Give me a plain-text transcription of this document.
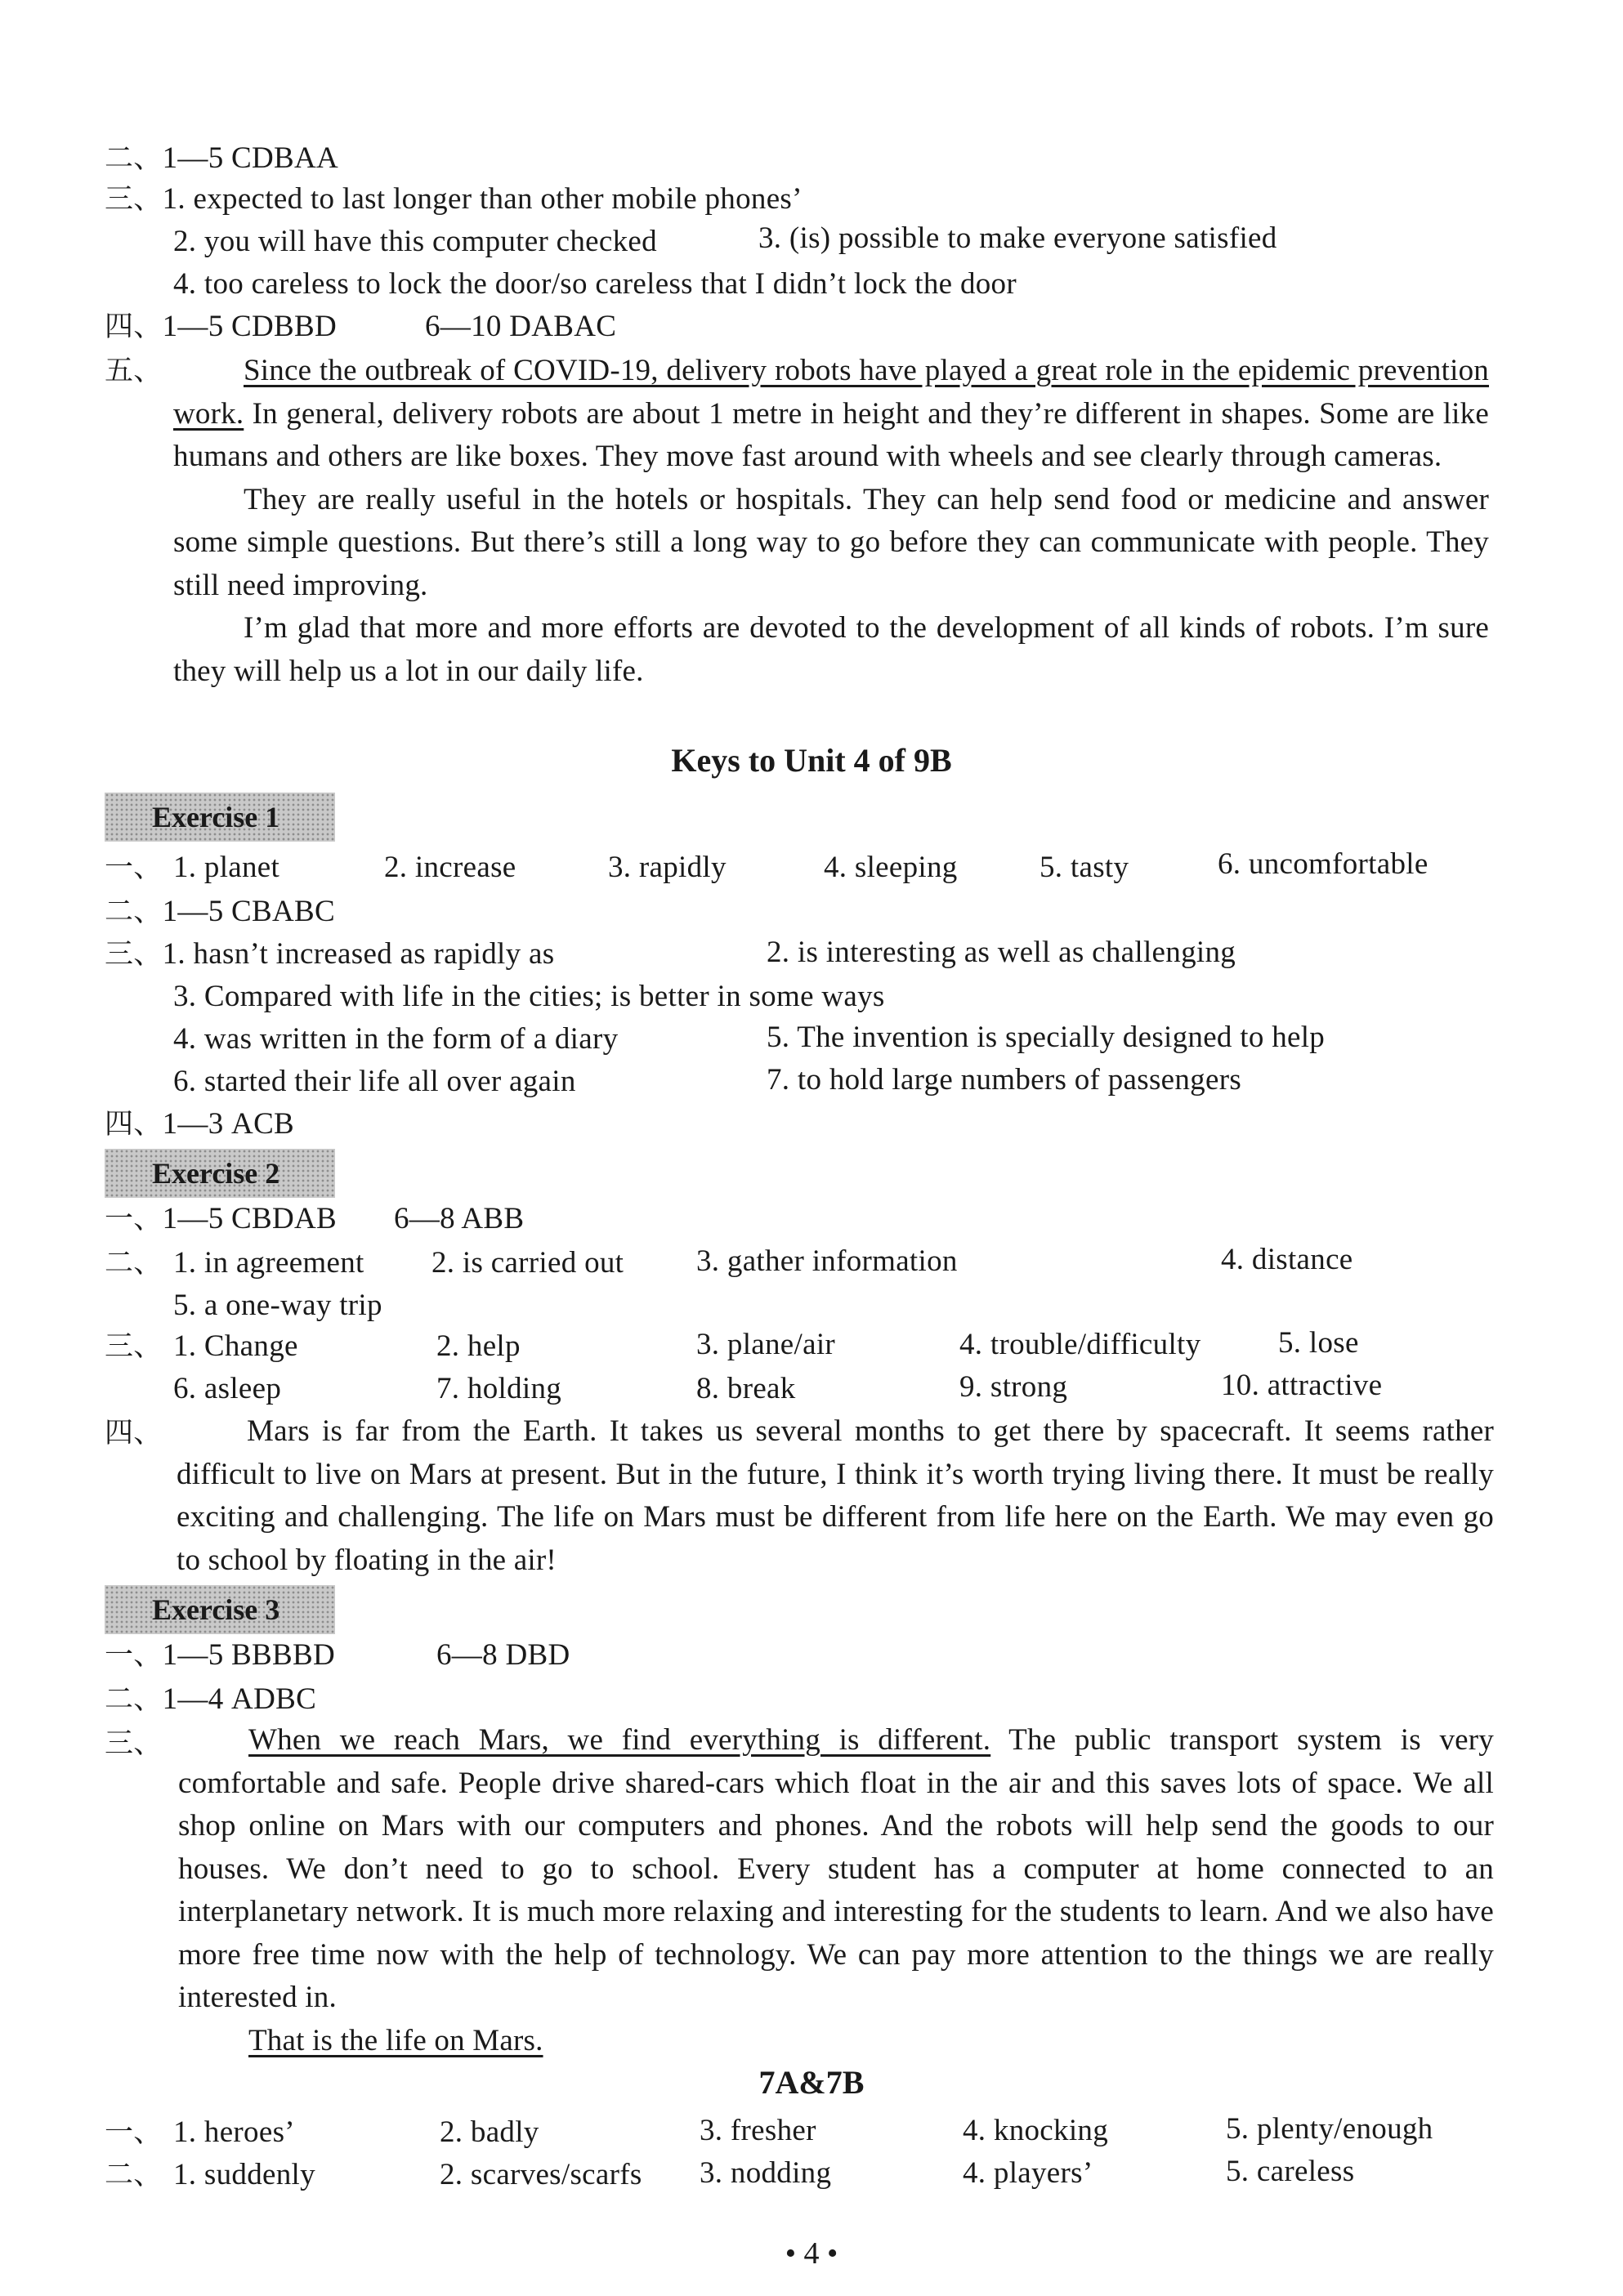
二、1—5 CDBAA
三、1. expected to last longer than other mobile phones’
2. you will have this computer checked	3. (is) possible to make everyone satisfied
4. too careless to lock the door/so careless that I didn’t lock the door
四、1—5 CDBBD	6—10 DABAC
五、	Since the outbreak of COVID-19, delivery robots have played a great role in the epidemic prevention work. In general, delivery robots are about 1 metre in height and they’re different in shapes. Some are like humans and others are like boxes. They move fast around with wheels and see clearly through cameras.

They are really useful in the hotels or hospitals. They can help send food or medicine and answer some simple questions. But there’s still a long way to go before they can communicate with people. They still need improving.

I’m glad that more and more efforts are devoted to the development of all kinds of robots. I’m sure they will help us a lot in our daily life.

Keys to Unit 4 of 9B
Exercise 1
一、 1. planet	2. increase	3. rapidly	4. sleeping	5. tasty	6. uncomfortable
二、1—5 CBABC
三、1. hasn’t increased as rapidly as	2. is interesting as well as challenging
3. Compared with life in the cities; is better in some ways
4. was written in the form of a diary	5. The invention is specially designed to help
6. started their life all over again	7. to hold large numbers of passengers
四、1—3 ACB
Exercise 2
一、1—5 CBDAB 6—8 ABB
二、 1. in agreement 2. is carried out 3. gather information	4. distance
5. a one-way trip
三、 1. Change	2. help	3. plane/air	4. trouble/difficulty	5. lose
6. asleep	7. holding	8. break	9. strong	10. attractive
四、	Mars is far from the Earth. It takes us several months to get there by spacecraft. It seems rather difficult to live on Mars at present. But in the future, I think it’s worth trying living there. It must be really exciting and challenging. The life on Mars must be different from life here on the Earth. We may even go to school by floating in the air!

Exercise 3
一、1—5 BBBBD	6—8 DBD
二、1—4 ADBC
三、	When we reach Mars, we find everything is different. The public transport system is very comfortable and safe. People drive shared-cars which float in the air and this saves lots of space. We all shop online on Mars with our computers and phones. And the robots will help send the goods to our houses. We don’t need to go to school. Every student has a computer at home connected to an interplanetary network. It is much more relaxing and interesting for the students to learn. And we also have more free time now with the help of technology. We can pay more attention to the things we are really interested in.

That is the life on Mars.

7A&7B
一、 1. heroes’	2. badly	3. fresher	4. knocking	5. plenty/enough
二、 1. suddenly	2. scarves/scarfs 3. nodding	4. players’	5. careless
• 4 •
